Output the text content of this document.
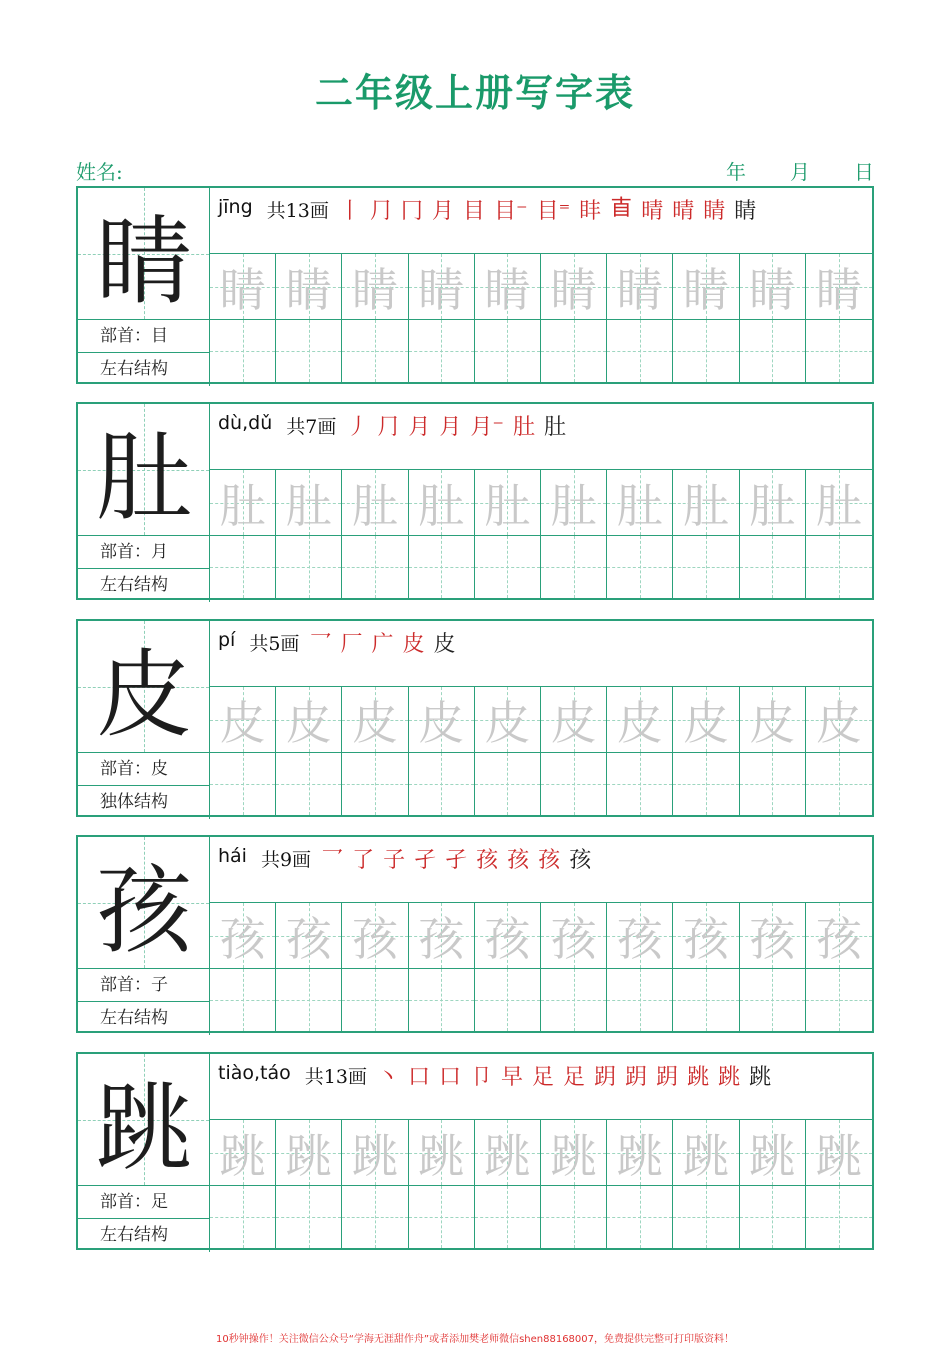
二年级上册写字表
姓名:	年 月 日
睛
部首：目
左右结构
jīng 共13画 丨 ⺆ 冂 月 目 目⁻ 目⁼ 盽 𥃭 晴 晴 睛 睛
睛 睛 睛 睛 睛 睛 睛 睛 睛 睛
肚
部首：月
左右结构
dù,dǔ 共7画 丿 ⺆ 月 月 月⁻ 肚 肚
肚 肚 肚 肚 肚 肚 肚 肚 肚 肚
皮
部首：皮
独体结构
pí 共5画 乛 厂 广 皮 皮
皮 皮 皮 皮 皮 皮 皮 皮 皮 皮
孩
部首：子
左右结构
hái 共9画 乛 了 子 孑 孑 孩 孩 孩 孩
孩 孩 孩 孩 孩 孩 孩 孩 孩 孩
跳
部首：足
左右结构
tiào,táo 共13画 丶 口 口 卩 早 足 足 跀 跀 跀 跳 跳 跳
跳 跳 跳 跳 跳 跳 跳 跳 跳 跳
10秒钟操作！关注微信公众号“学海无涯甜作舟”或者添加樊老师微信shen88168007，免费提供完整可打印版资料！
